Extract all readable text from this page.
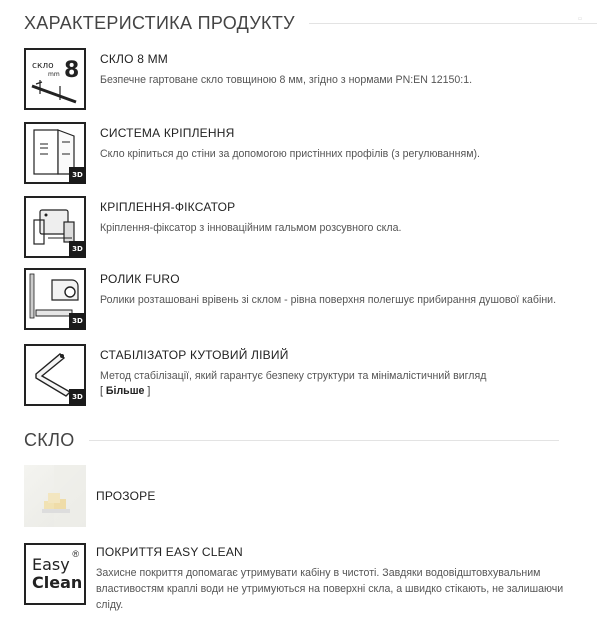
ХАРАКТЕРИСТИКА ПРОДУКТУ	▫
скло
mm 8 СКЛО 8 ММ
Безпечне гартоване скло товщиною 8 мм, згідно з нормами PN:EN 12150:1.
3D
СИСТЕМА КРІПЛЕННЯ
Скло кріпиться до стіни за допомогою пристінних профілів (з регулюванням).
3D
КРІПЛЕННЯ-ФІКСАТОР
Кріплення-фіксатор з інноваційним гальмом розсувного скла.
3D
РОЛИК FURO
Ролики розташовані врівень зі склом - рівна поверхня полегшує прибирання душової кабіни.
3D
СТАБІЛІЗАТОР КУТОВИЙ ЛІВИЙ
Метод стабілізації, який гарантує безпеку структури та мінімалістичний вигляд
[ Більше ]
СКЛО
ПРОЗОРЕ
®
Easy
Clean
ПОКРИТТЯ EASY CLEAN
Захисне покриття допомагає утримувати кабіну в чистоті. Завдяки водовідштовхувальним властивостям краплі води не утримуються на поверхні скла, а швидко стікають, не залишаючи сліду.
